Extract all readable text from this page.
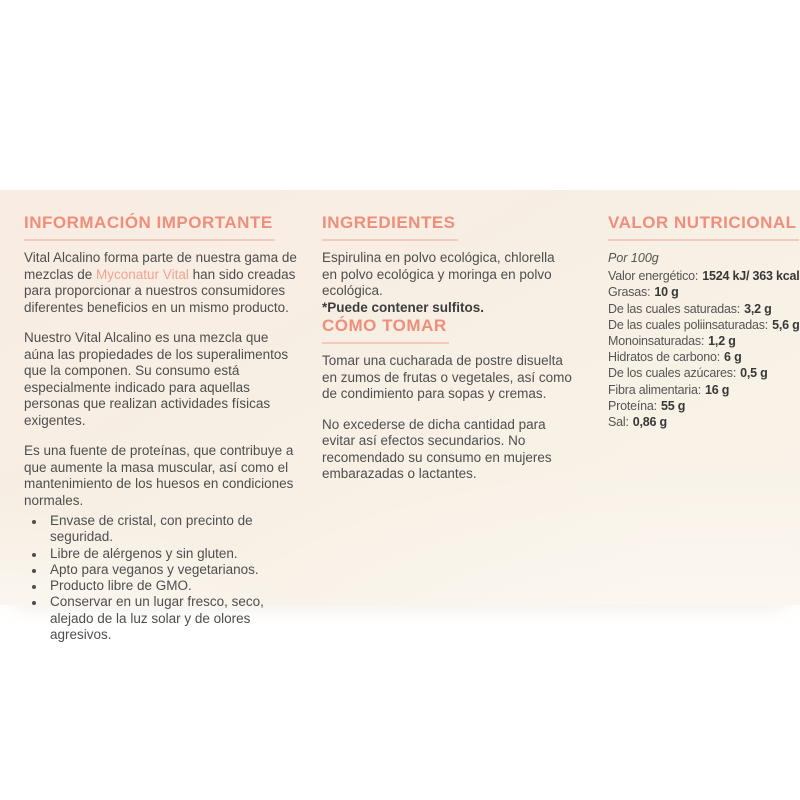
INFORMACIÓN IMPORTANTE

Vital Alcalino forma parte de nuestra gama de mezclas de Myconatur Vital han sido creadas para proporcionar a nuestros consumidores diferentes beneficios en un mismo producto.

Nuestro Vital Alcalino es una mezcla que aúna las propiedades de los superalimentos que la componen. Su consumo está especialmente indicado para aquellas personas que realizan actividades físicas exigentes.

Es una fuente de proteínas, que contribuye a que aumente la masa muscular, así como el mantenimiento de los huesos en condiciones normales.

• Envase de cristal, con precinto de seguridad.
• Libre de alérgenos y sin gluten.
• Apto para veganos y vegetarianos.
• Producto libre de GMO.
• Conservar en un lugar fresco, seco, alejado de la luz solar y de olores agresivos.
INGREDIENTES

Espirulina en polvo ecológica, chlorella en polvo ecológica y moringa en polvo ecológica.

*Puede contener sulfitos.

CÓMO TOMAR

Tomar una cucharada de postre disuelta en zumos de frutas o vegetales, así como de condimiento para sopas y cremas.

No excederse de dicha cantidad para evitar así efectos secundarios. No recomendado su consumo en mujeres embarazadas o lactantes.

VALOR NUTRICIONAL

Por 100g

Valor energético: 1524 kJ/ 363 kcal
Grasas: 10 g
De las cuales saturadas: 3,2 g
De las cuales poliinsaturadas: 5,6 g
Monoinsaturadas: 1,2 g
Hidratos de carbono: 6 g
De los cuales azúcares: 0,5 g
Fibra alimentaria: 16 g
Proteína: 55 g
Sal: 0,86 g
